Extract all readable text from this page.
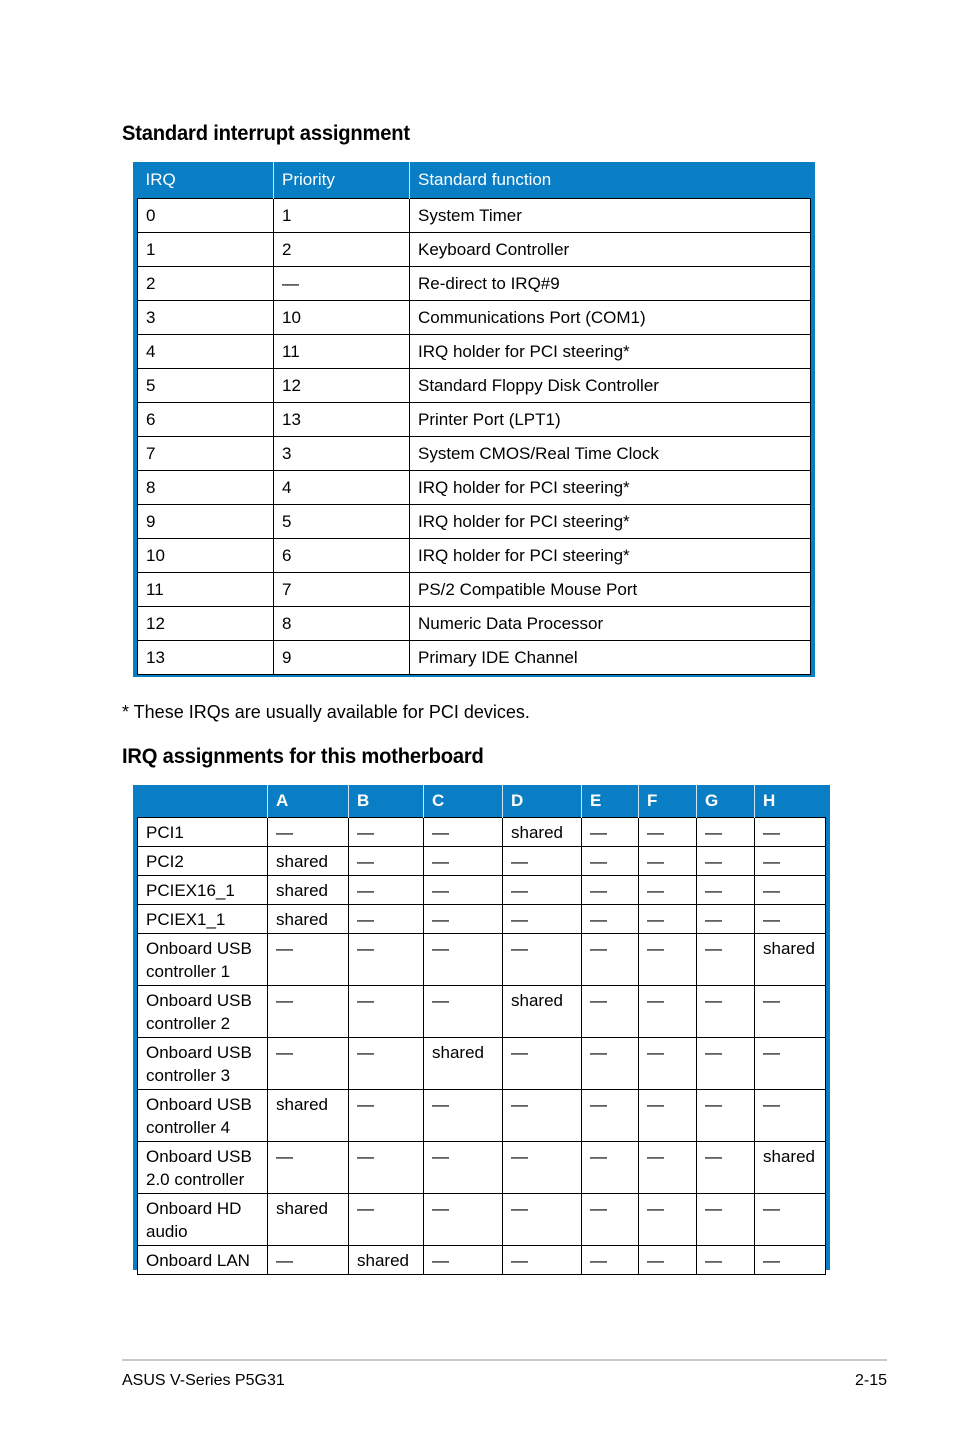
Standard interrupt assignment
IRQ	Priority	Standard function
0	1	System Timer
1	2	Keyboard Controller
2	—	Re-direct to IRQ#9
3	10	Communications Port (COM1)
4	11	IRQ holder for PCI steering*
5	12	Standard Floppy Disk Controller
6	13	Printer Port (LPT1)
7	3	System CMOS/Real Time Clock
8	4	IRQ holder for PCI steering*
9	5	IRQ holder for PCI steering*
10	6	IRQ holder for PCI steering*
11	7	PS/2 Compatible Mouse Port
12	8	Numeric Data Processor
13	9	Primary IDE Channel
* These IRQs are usually available for PCI devices.
IRQ assignments for this motherboard
	A	B	C	D	E	F	G	H
PCI1	—	—	—	shared	—	—	—	—
PCI2	shared	—	—	—	—	—	—	—
PCIEX16_1	shared	—	—	—	—	—	—	—
PCIEX1_1	shared	—	—	—	—	—	—	—
Onboard USB controller 1	—	—	—	—	—	—	—	shared
Onboard USB controller 2	—	—	—	shared	—	—	—	—
Onboard USB controller 3	—	—	shared	—	—	—	—	—
Onboard USB controller 4	shared	—	—	—	—	—	—	—
Onboard USB 2.0 controller	—	—	—	—	—	—	—	shared
Onboard HD audio	shared	—	—	—	—	—	—	—
Onboard LAN	—	shared	—	—	—	—	—	—
ASUS V-Series P5G31	2-15
